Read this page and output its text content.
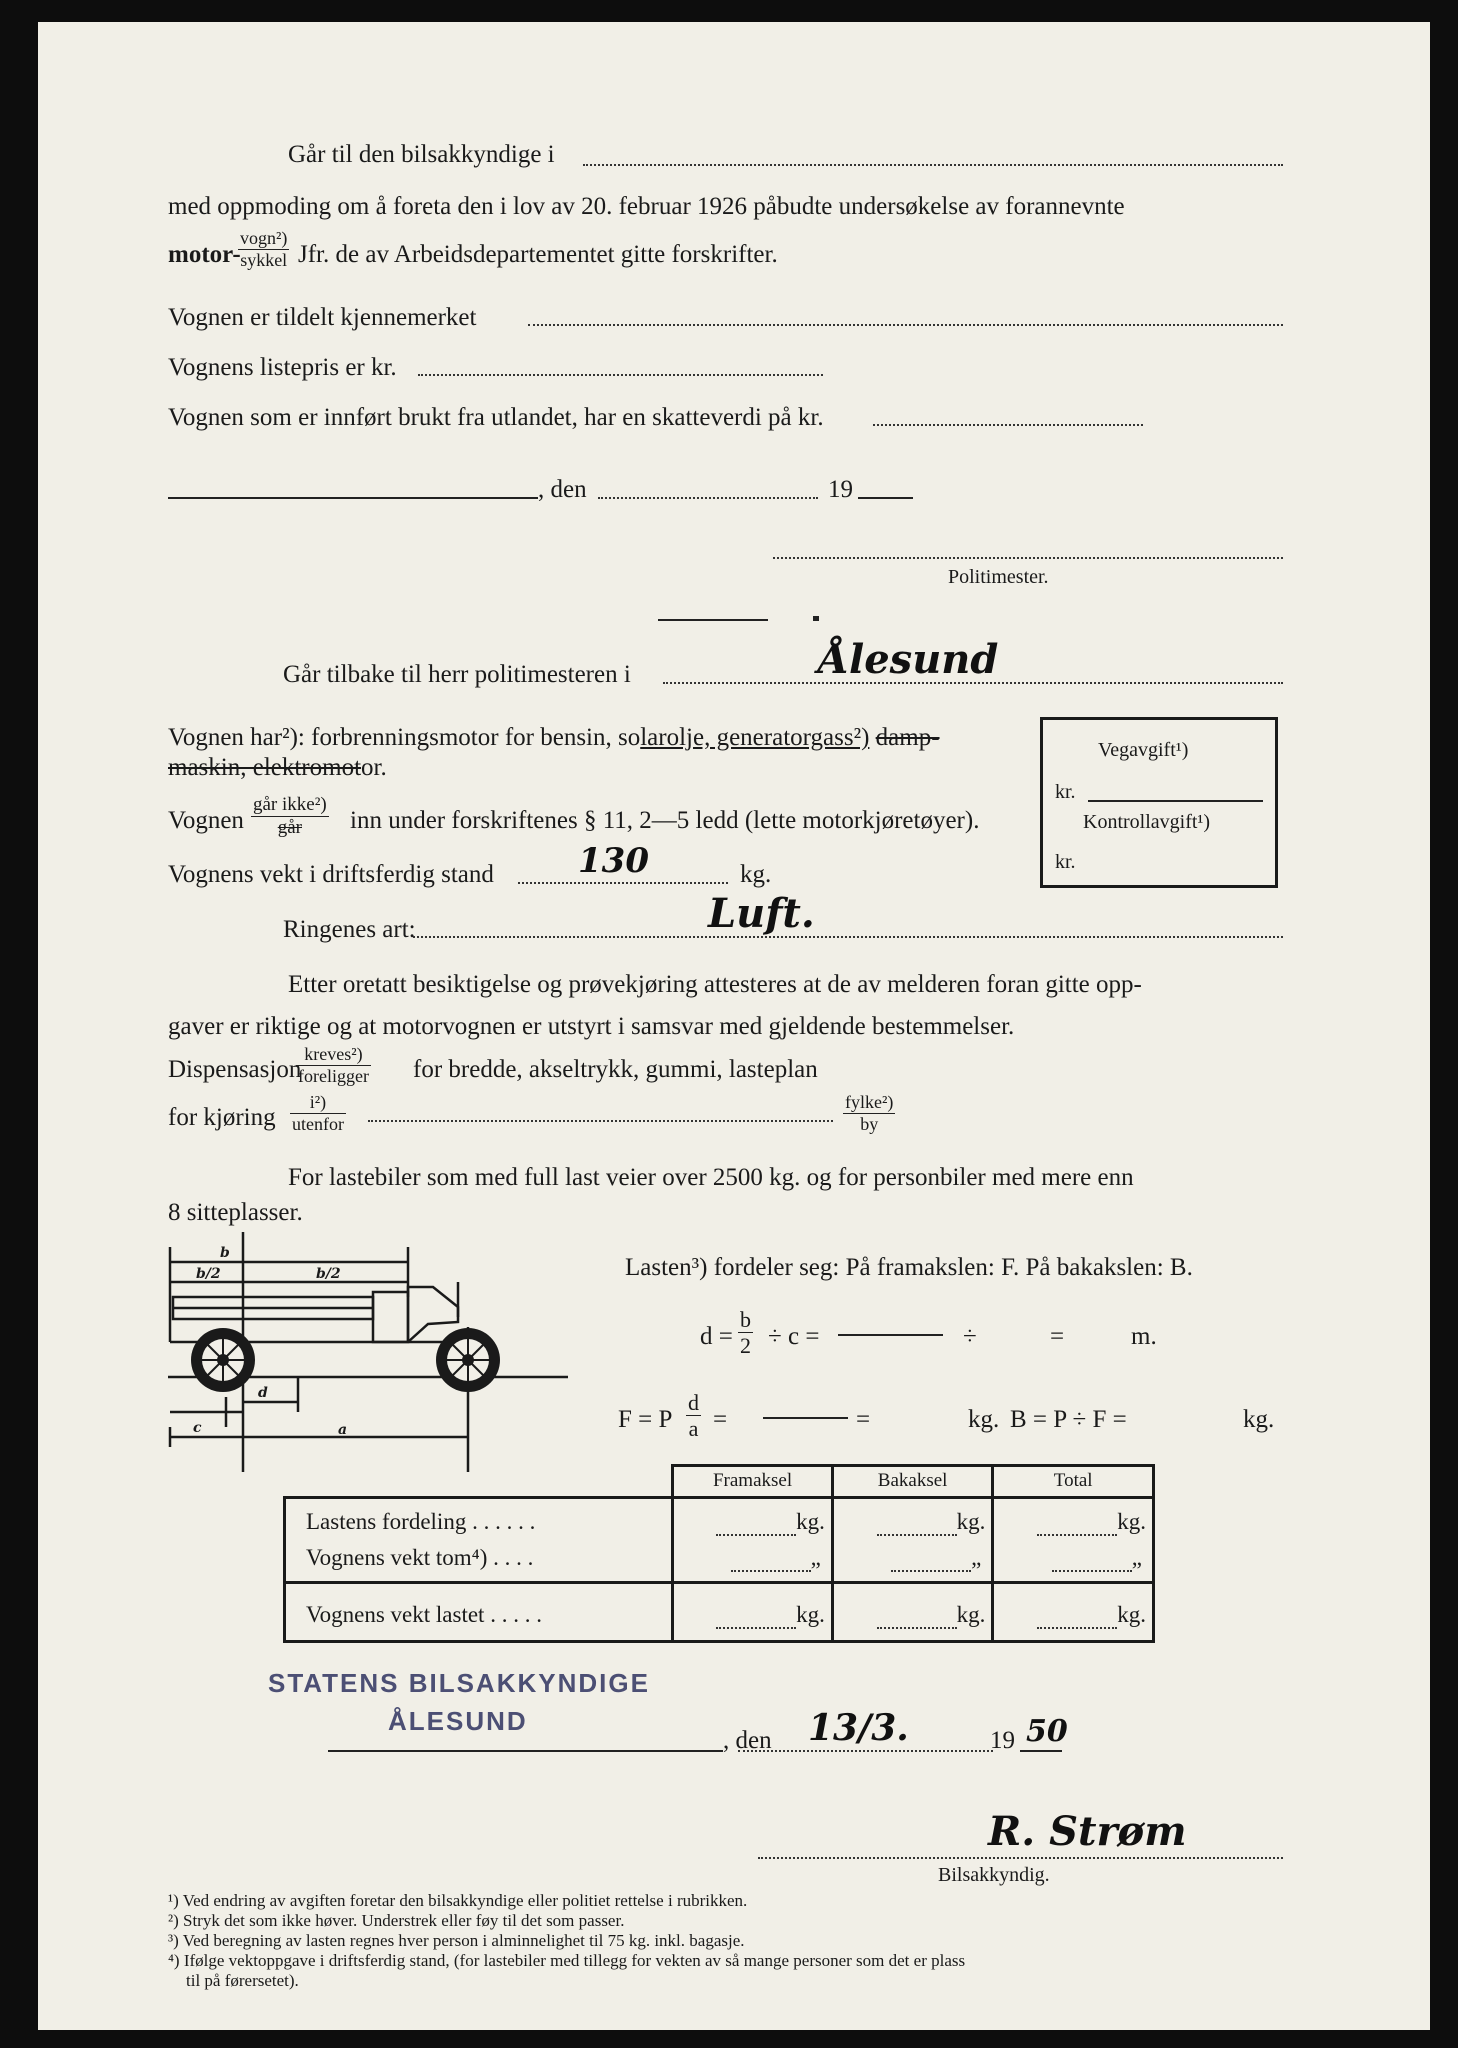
Går til den bilsakkyndige i
med oppmoding om å foreta den i lov av 20. februar 1926 påbudte undersøkelse av forannevnte
motor-
vogn²)
sykkel Jfr. de av Arbeidsdepartementet gitte forskrifter.
Vognen er tildelt kjennemerket
Vognens listepris er kr.
Vognen som er innført brukt fra utlandet, har en skatteverdi på kr.
, den	19
Politimester.
Går tilbake til herr politimesteren i	Ålesund
Vognen har²): forbrenningsmotor for bensin, solarolje, generatorgass²) damp-
maskin, elektromotor.
Vognen
går ikke²)
går	inn under forskriftenes § 11, 2—5 ledd (lette motorkjøretøyer).
Vognens vekt i driftsferdig stand 130	kg.
Ringenes art:	Luft.
Vegavgift¹)
kr.
Kontrollavgift¹)
kr.
Etter oretatt besiktigelse og prøvekjøring attesteres at de av melderen foran gitte opp-
gaver er riktige og at motorvognen er utstyrt i samsvar med gjeldende bestemmelser.
Dispensasjon
kreves²)
foreligger for bredde, akseltrykk, gummi, lasteplan
for kjøring
i²)
utenfor
fylke²)
by
For lastebiler som med full last veier over 2500 kg. og for personbiler med mere enn
8 sitteplasser.
b
b/2	b/2
d
c	a
Lasten³) fordeler seg: På framakslen: F. På bakakslen: B.
$d = \frac{b}{2} \div c$ =	÷	=	m.
F = P $\frac{d}{a}$ =	=	kg. B = P ÷ F =	kg.
	Framaksel	Bakaksel	Total
Lastens fordeling . . . . . .	kg.	kg.	kg.
Vognens vekt tom⁴) . . . .	„	„	„
Vognens vekt lastet . . . . .	kg.	kg.	kg.
STATENS BILSAKKYNDIGE
ÅLESUND
, den 13/3.	19 50
R. Strøm
Bilsakkyndig.
¹) Ved endring av avgiften foretar den bilsakkyndige eller politiet rettelse i rubrikken.
²) Stryk det som ikke høver. Understrek eller føy til det som passer.
³) Ved beregning av lasten regnes hver person i alminnelighet til 75 kg. inkl. bagasje.
⁴) Ifølge vektoppgave i driftsferdig stand, (for lastebiler med tillegg for vekten av så mange personer som det er plass
til på førersetet).
